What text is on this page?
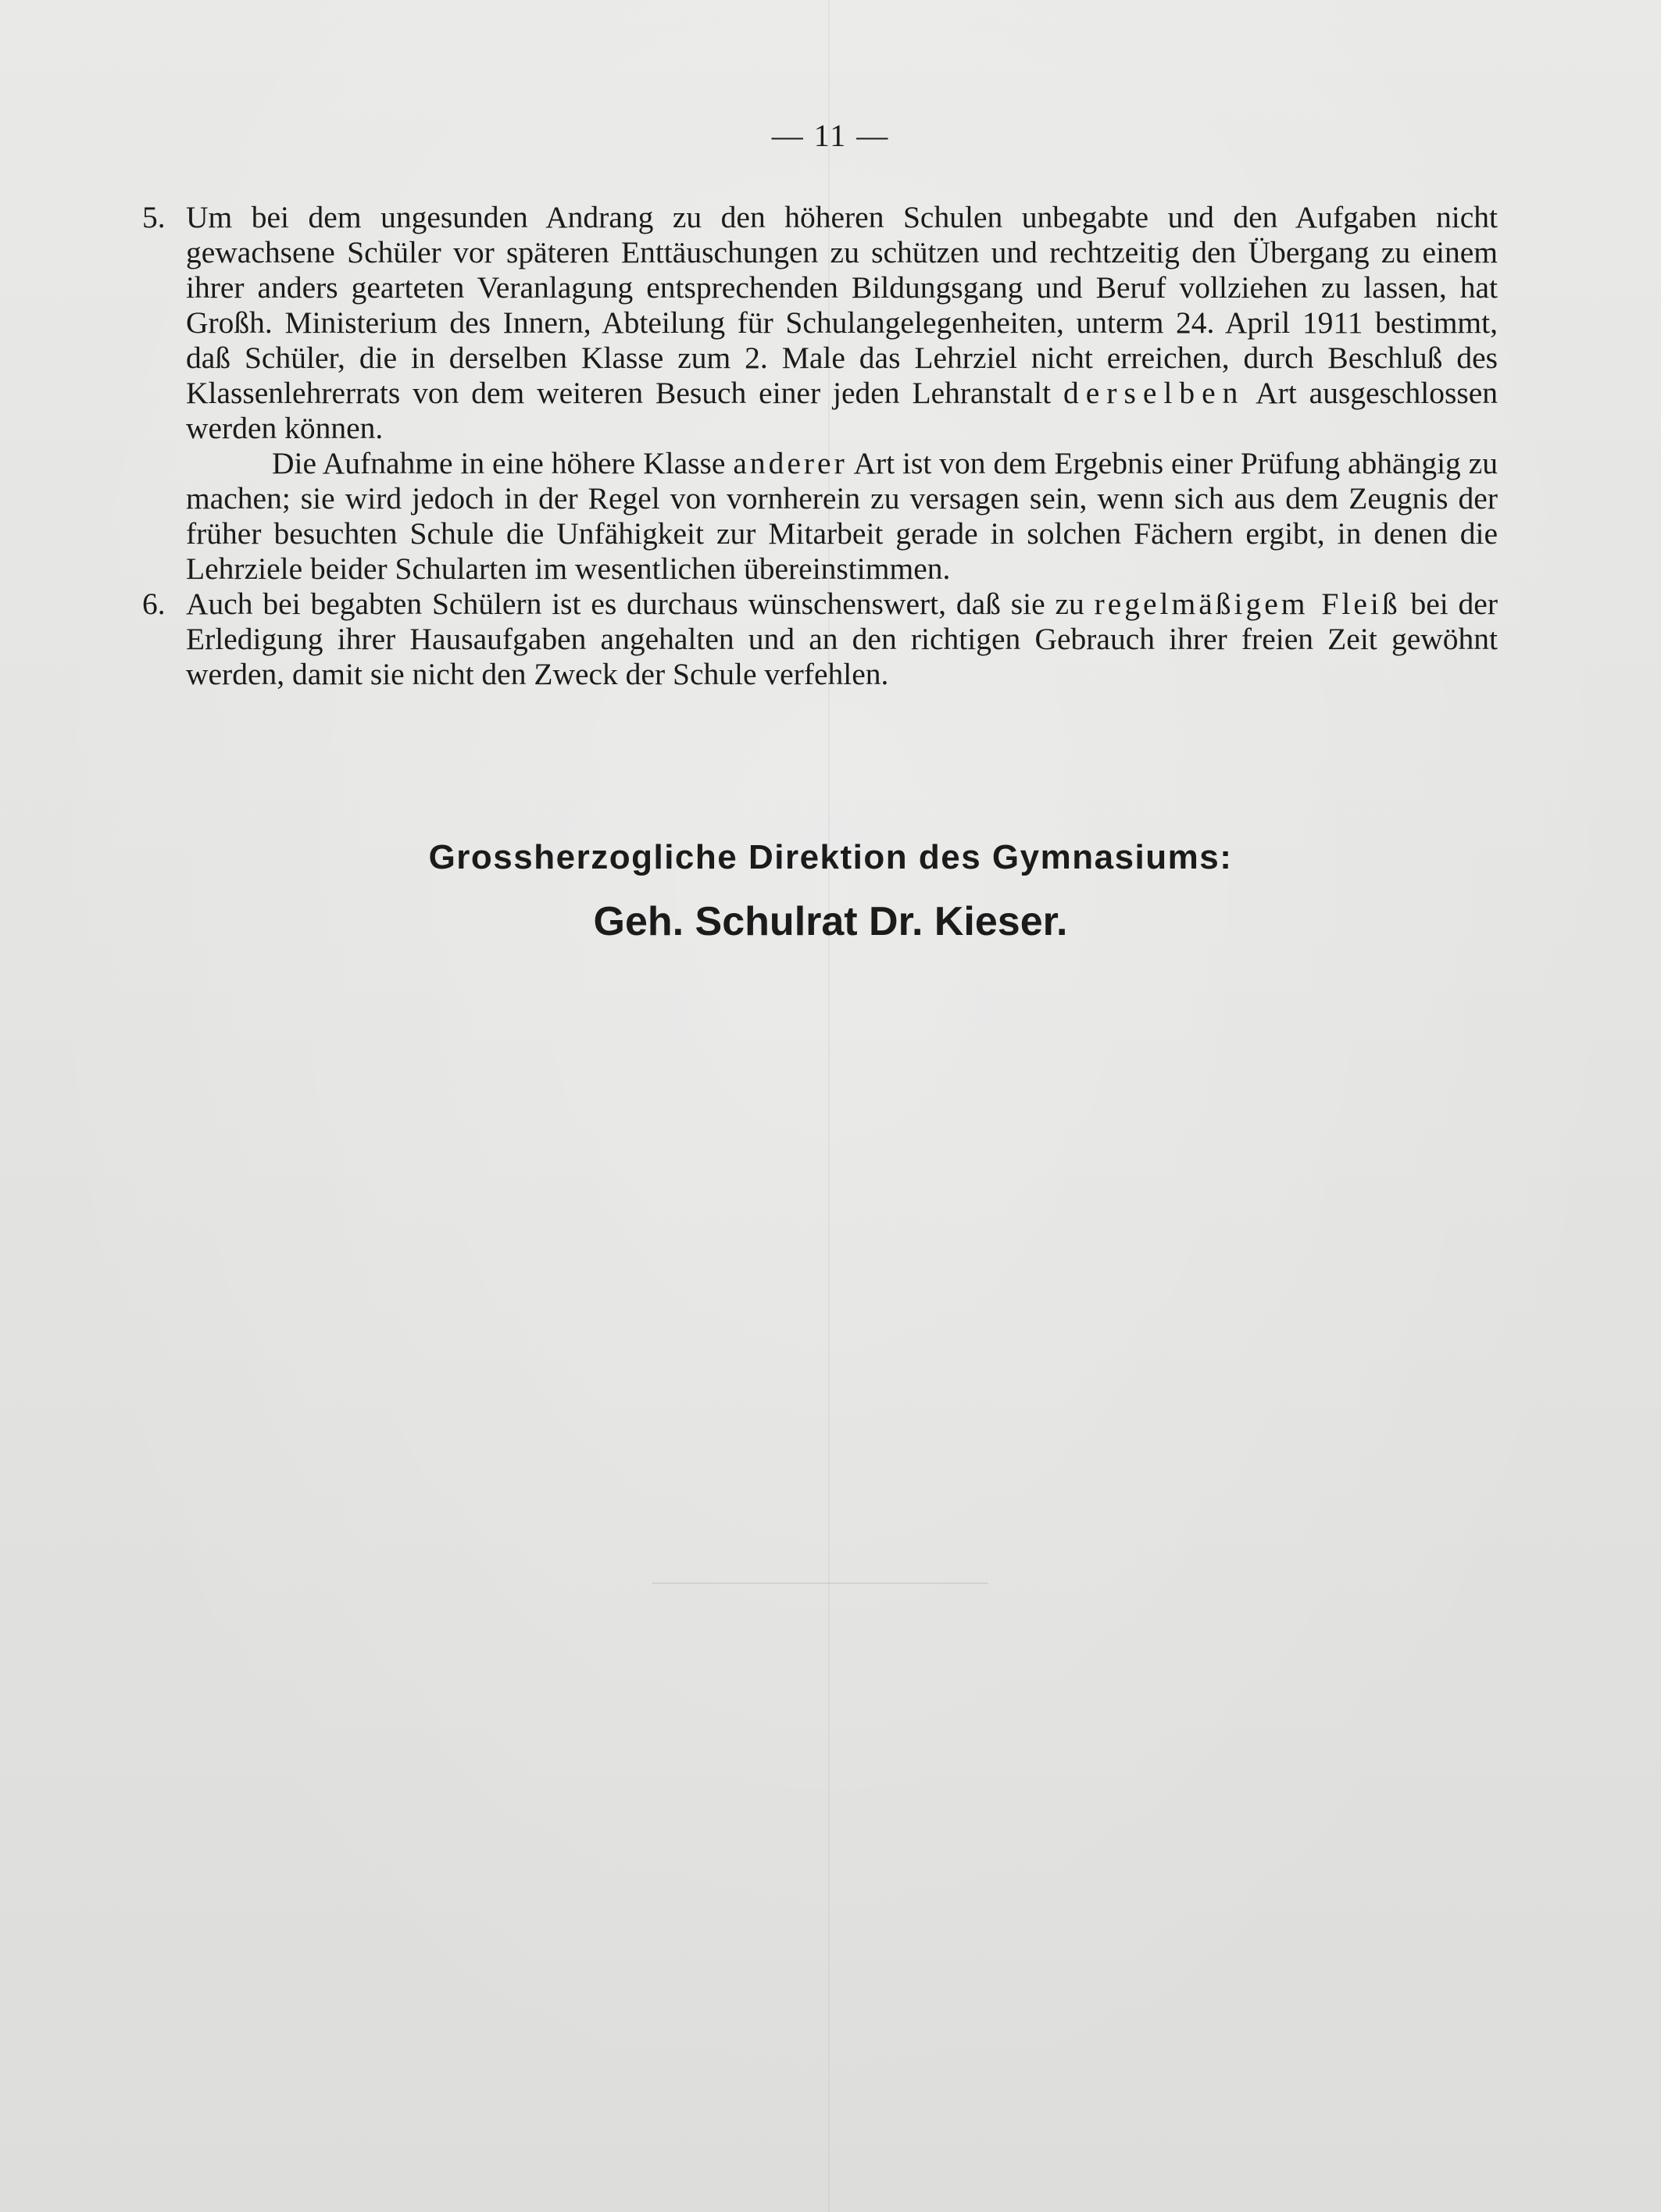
— 11 —
5. Um bei dem ungesunden Andrang zu den höheren Schulen unbegabte und den Aufgaben nicht gewachsene Schüler vor späteren Enttäuschungen zu schützen und rechtzeitig den Übergang zu einem ihrer anders gearteten Veranlagung entsprechenden Bildungsgang und Beruf vollziehen zu lassen, hat Großh. Ministerium des Innern, Abteilung für Schulangelegenheiten, unterm 24. April 1911 bestimmt, daß Schüler, die in derselben Klasse zum 2. Male das Lehrziel nicht erreichen, durch Beschluß des Klassenlehrerrats von dem weiteren Besuch einer jeden Lehranstalt derselben Art ausgeschlossen werden können.
Die Aufnahme in eine höhere Klasse anderer Art ist von dem Ergebnis einer Prüfung abhängig zu machen; sie wird jedoch in der Regel von vornherein zu versagen sein, wenn sich aus dem Zeugnis der früher besuchten Schule die Unfähigkeit zur Mitarbeit gerade in solchen Fächern ergibt, in denen die Lehrziele beider Schularten im wesentlichen übereinstimmen.
6. Auch bei begabten Schülern ist es durchaus wünschenswert, daß sie zu regelmäßigem Fleiß bei der Erledigung ihrer Hausaufgaben angehalten und an den richtigen Gebrauch ihrer freien Zeit gewöhnt werden, damit sie nicht den Zweck der Schule verfehlen.
Grossherzogliche Direktion des Gymnasiums:
Geh. Schulrat Dr. Kieser.
